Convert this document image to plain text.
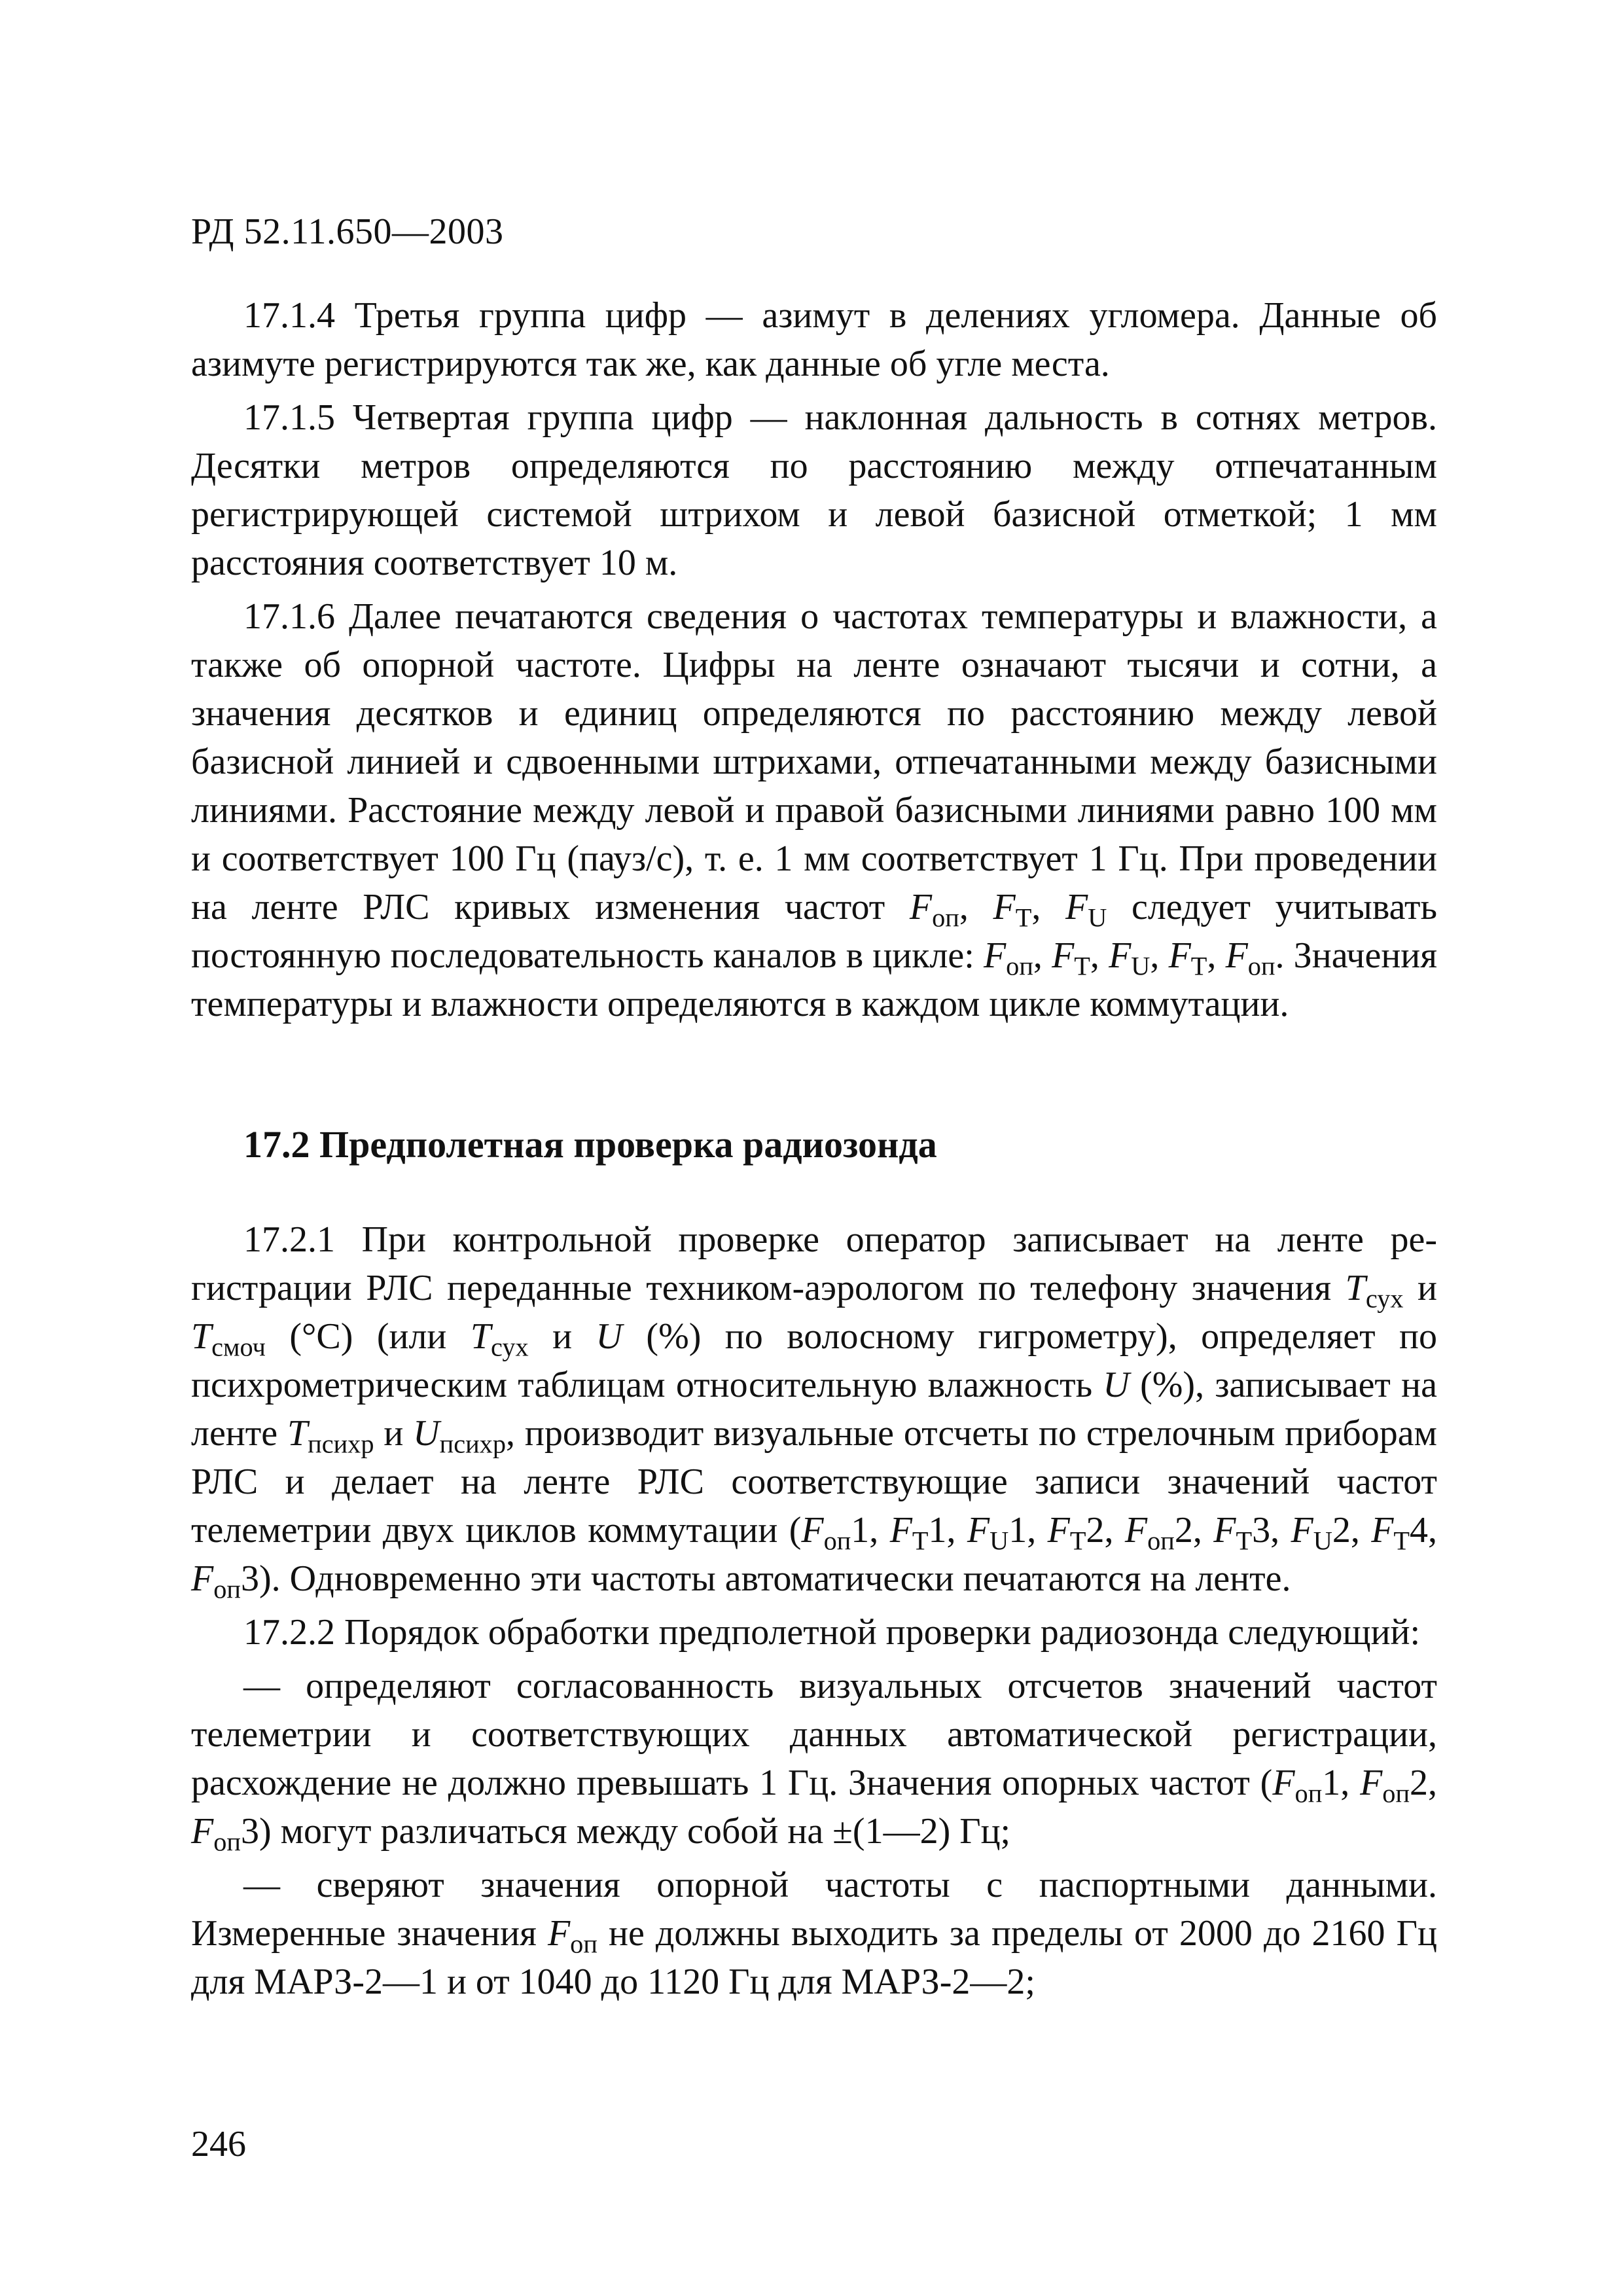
РД 52.11.650—2003

17.1.4 Третья группа цифр — азимут в делениях угломера. Данные об азимуте регистрируются так же, как данные об угле места.

17.1.5 Четвертая группа цифр — наклонная дальность в сотнях метров. Десятки метров определяются по расстоянию между отпечатанным регистрирующей системой штрихом и левой базисной отметкой; 1 мм расстояния соответствует 10 м.

17.1.6 Далее печатаются сведения о частотах температуры и влажности, а также об опорной частоте. Цифры на ленте означают тысячи и сотни, а значения десятков и единиц определяются по расстоянию между левой базисной линией и сдвоенными штрихами, отпечатанными между базисными линиями. Расстояние между левой и правой базисными линиями равно 100 мм и соответствует 100 Гц (пауз/с), т. е. 1 мм соответствует 1 Гц. При проведении на ленте РЛС кривых изменения частот $F_{оп}$, $F_T$, $F_U$ следует учитывать постоянную последовательность каналов в цикле: $F_{оп}$, $F_T$, $F_U$, $F_T$, $F_{оп}$. Значения температуры и влажности определяются в каждом цикле коммутации.

17.2 Предполетная проверка радиозонда

17.2.1 При контрольной проверке оператор записывает на ленте регистрации РЛС переданные техником-аэрологом по телефону значения $T_{сух}$ и $T_{смоч}$ (°C) (или $T_{сух}$ и U (%) по волосному гигрометру), определяет по психрометрическим таблицам относительную влажность U (%), записывает на ленте $T_{психр}$ и $U_{психр}$, производит визуальные отсчеты по стрелочным приборам РЛС и делает на ленте РЛС соответствующие записи значений частот телеметрии двух циклов коммутации ($F_{оп}1$, $F_T1$, $F_U1$, $F_T2$, $F_{оп}2$, $F_T3$, $F_U2$, $F_T4$, $F_{оп}3$). Одновременно эти частоты автоматически печатаются на ленте.

17.2.2 Порядок обработки предполетной проверки радиозонда следующий:

— определяют согласованность визуальных отсчетов значений частот телеметрии и соответствующих данных автоматической регистрации, расхождение не должно превышать 1 Гц. Значения опорных частот ($F_{оп}1$, $F_{оп}2$, $F_{оп}3$) могут различаться между собой на ±(1—2) Гц;

— сверяют значения опорной частоты с паспортными данными. Измеренные значения $F_{оп}$ не должны выходить за пределы от 2000 до 2160 Гц для МАРЗ-2—1 и от 1040 до 1120 Гц для МАРЗ-2—2;

246
